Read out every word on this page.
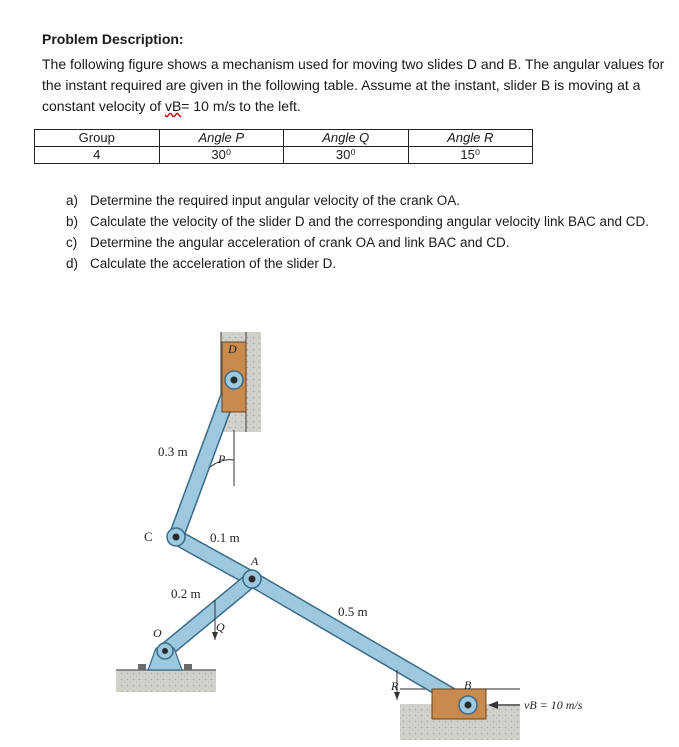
Problem Description:
The following figure shows a mechanism used for moving two slides D and B. The angular values for the instant required are given in the following table. Assume at the instant, slider B is moving at a constant velocity of vB= 10 m/s to the left.
Group	Angle P	Angle Q	Angle R
4	30⁰	30⁰	15⁰
a) Determine the required input angular velocity of the crank OA.
b) Calculate the velocity of the slider D and the corresponding angular velocity link BAC and CD.
c) Determine the angular acceleration of crank OA and link BAC and CD.
d) Calculate the acceleration of the slider D.
D
C
A
O
B
P
Q
R
0.3 m
0.1 m
0.2 m
0.5 m
vB = 10 m/s
